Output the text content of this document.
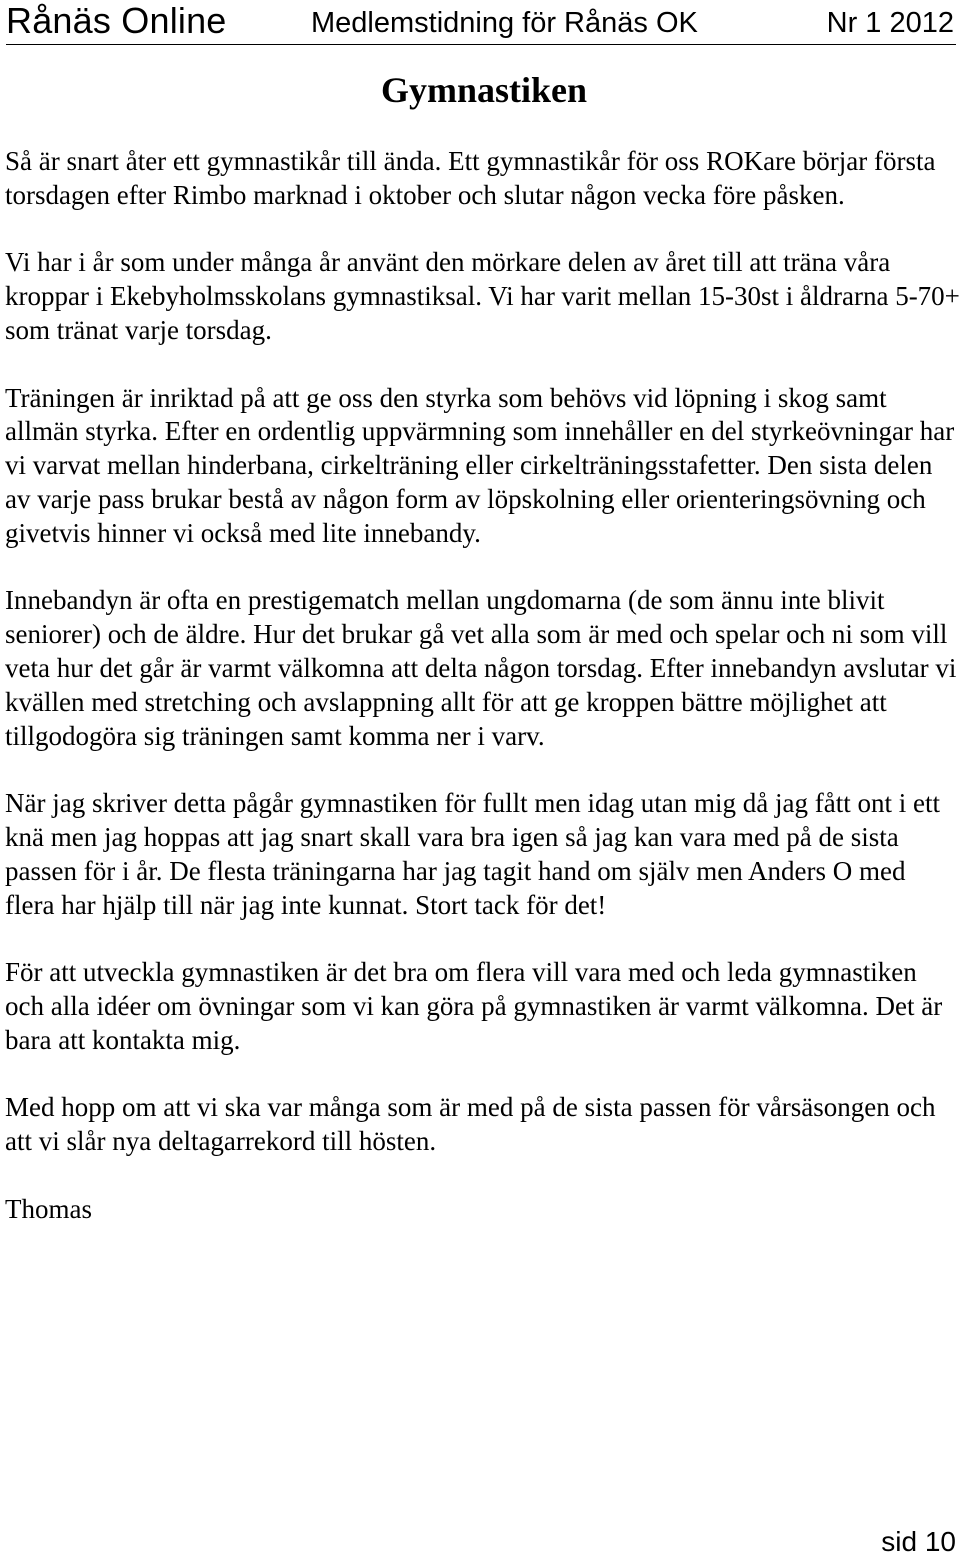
Rånäs Online	Medlemstidning för Rånäs OK	Nr 1 2012
Gymnastiken

Så är snart åter ett gymnastikår till ända. Ett gymnastikår för oss ROKare börjar första torsdagen efter Rimbo marknad i oktober och slutar någon vecka före påsken.

Vi har i år som under många år använt den mörkare delen av året till att träna våra kroppar i Ekebyholmsskolans gymnastiksal. Vi har varit mellan 15-30st i åldrarna 5-70+ som tränat varje torsdag.

Träningen är inriktad på att ge oss den styrka som behövs vid löpning i skog samt allmän styrka. Efter en ordentlig uppvärmning som innehåller en del styrkeövningar har vi varvat mellan hinderbana, cirkelträning eller cirkelträningsstafetter. Den sista delen av varje pass brukar bestå av någon form av löpskolning eller orienteringsövning och givetvis hinner vi också med lite innebandy.

Innebandyn är ofta en prestigematch mellan ungdomarna (de som ännu inte blivit seniorer) och de äldre. Hur det brukar gå vet alla som är med och spelar och ni som vill veta hur det går är varmt välkomna att delta någon torsdag. Efter innebandyn avslutar vi kvällen med stretching och avslappning allt för att ge kroppen bättre möjlighet att tillgodogöra sig träningen samt komma ner i varv.

När jag skriver detta pågår gymnastiken för fullt men idag utan mig då jag fått ont i ett knä men jag hoppas att jag snart skall vara bra igen så jag kan vara med på de sista passen för i år. De flesta träningarna har jag tagit hand om själv men Anders O med flera har hjälp till när jag inte kunnat. Stort tack för det!

För att utveckla gymnastiken är det bra om flera vill vara med och leda gymnastiken och alla idéer om övningar som vi kan göra på gymnastiken är varmt välkomna. Det är bara att kontakta mig.

Med hopp om att vi ska var många som är med på de sista passen för vårsäsongen och att vi slår nya deltagarrekord till hösten.

Thomas
sid 10
